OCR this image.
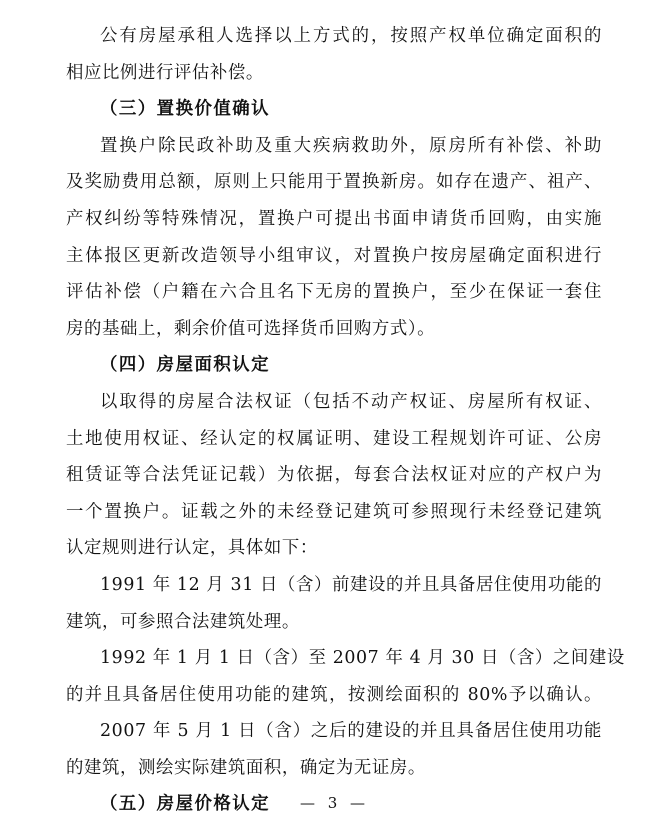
公有房屋承租人选择以上方式的，按照产权单位确定面积的
相应比例进行评估补偿。
（三）置换价值确认
置换户除民政补助及重大疾病救助外，原房所有补偿、补助
及奖励费用总额，原则上只能用于置换新房。如存在遗产、祖产、
产权纠纷等特殊情况，置换户可提出书面申请货币回购，由实施
主体报区更新改造领导小组审议，对置换户按房屋确定面积进行
评估补偿（户籍在六合且名下无房的置换户，至少在保证一套住
房的基础上，剩余价值可选择货币回购方式）。
（四）房屋面积认定
以取得的房屋合法权证（包括不动产权证、房屋所有权证、
土地使用权证、经认定的权属证明、建设工程规划许可证、公房
租赁证等合法凭证记载）为依据，每套合法权证对应的产权户为
一个置换户。证载之外的未经登记建筑可参照现行未经登记建筑
认定规则进行认定，具体如下：
1991 年 12 月 31 日（含）前建设的并且具备居住使用功能的
建筑，可参照合法建筑处理。
1992 年 1 月 1 日（含）至 2007 年 4 月 30 日（含）之间建设
的并且具备居住使用功能的建筑，按测绘面积的 80%予以确认。
2007 年 5 月 1 日（含）之后的建设的并且具备居住使用功能
的建筑，测绘实际建筑面积，确定为无证房。
（五）房屋价格认定	— 3 —
